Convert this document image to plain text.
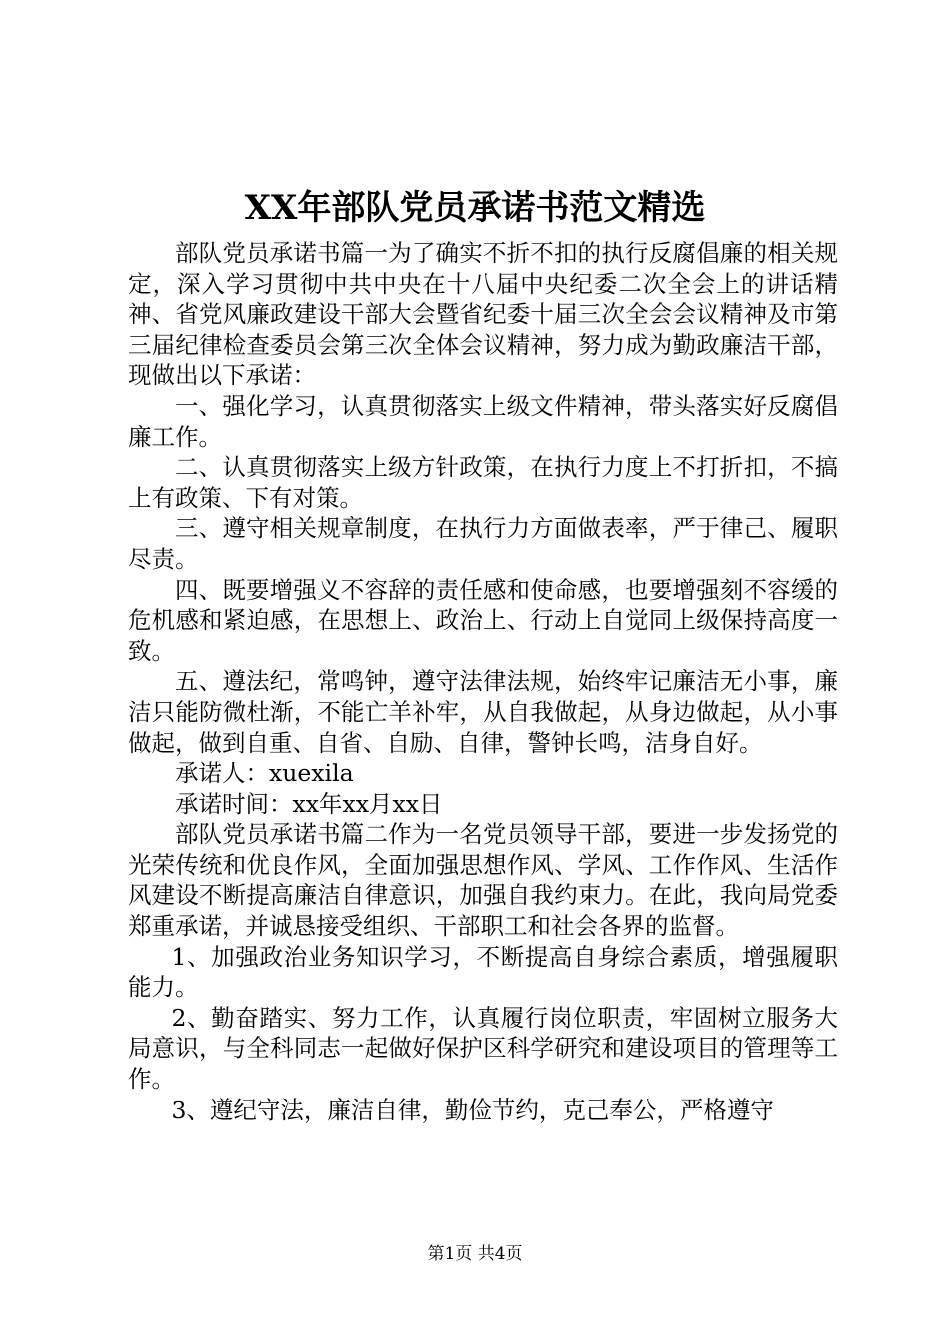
XX年部队党员承诺书范文精选

部队党员承诺书篇一为了确实不折不扣的执行反腐倡廉的相关规定，深入学习贯彻中共中央在十八届中央纪委二次全会上的讲话精神、省党风廉政建设干部大会暨省纪委十届三次全会会议精神及市第三届纪律检查委员会第三次全体会议精神，努力成为勤政廉洁干部，现做出以下承诺：

一、强化学习，认真贯彻落实上级文件精神，带头落实好反腐倡廉工作。

二、认真贯彻落实上级方针政策，在执行力度上不打折扣，不搞上有政策、下有对策。

三、遵守相关规章制度，在执行力方面做表率，严于律己、履职尽责。

四、既要增强义不容辞的责任感和使命感，也要增强刻不容缓的危机感和紧迫感，在思想上、政治上、行动上自觉同上级保持高度一致。

五、遵法纪，常鸣钟，遵守法律法规，始终牢记廉洁无小事，廉洁只能防微杜渐，不能亡羊补牢，从自我做起，从身边做起，从小事做起，做到自重、自省、自励、自律，警钟长鸣，洁身自好。

承诺人：xuexila

承诺时间：xx年xx月xx日

部队党员承诺书篇二作为一名党员领导干部，要进一步发扬党的光荣传统和优良作风，全面加强思想作风、学风、工作作风、生活作风建设不断提高廉洁自律意识，加强自我约束力。在此，我向局党委郑重承诺，并诚恳接受组织、干部职工和社会各界的监督。

1、加强政治业务知识学习，不断提高自身综合素质，增强履职能力。

2、勤奋踏实、努力工作，认真履行岗位职责，牢固树立服务大局意识，与全科同志一起做好保护区科学研究和建设项目的管理等工作。

3、遵纪守法，廉洁自律，勤俭节约，克己奉公，严格遵守

第1页 共4页
